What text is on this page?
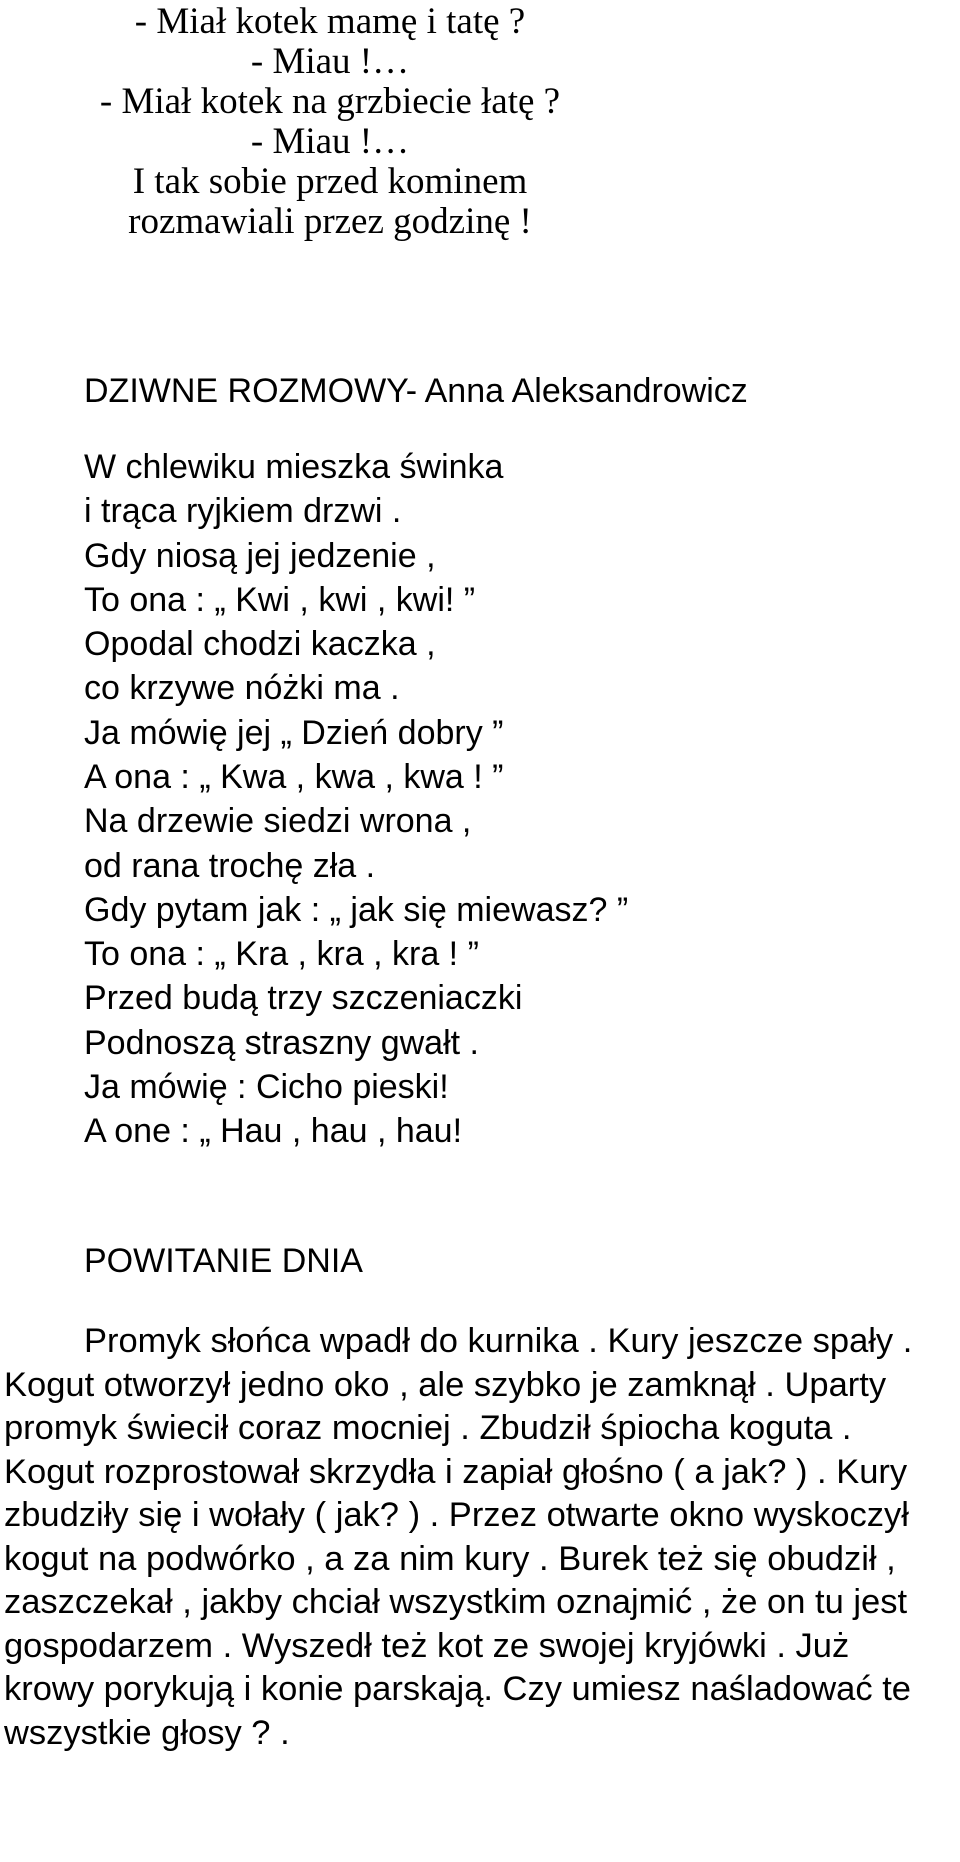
- Miał kotek mamę i tatę ?
- Miau !…
- Miał kotek na grzbiecie łatę ?
- Miau !…
I tak sobie przed kominem
rozmawiali przez godzinę !
DZIWNE ROZMOWY- Anna Aleksandrowicz
W chlewiku mieszka świnka
i trąca ryjkiem drzwi .
Gdy niosą jej jedzenie ,
To ona : „ Kwi , kwi , kwi! ”
Opodal chodzi kaczka ,
co krzywe nóżki ma .
Ja mówię jej „ Dzień dobry ”
A ona : „ Kwa , kwa , kwa ! ”
Na drzewie siedzi wrona ,
od rana trochę zła .
Gdy pytam jak : „ jak się miewasz? ”
To ona : „ Kra , kra , kra ! ”
Przed budą trzy szczeniaczki
Podnoszą straszny gwałt .
Ja mówię : Cicho pieski!
A one : „ Hau , hau , hau!
POWITANIE DNIA
Promyk słońca wpadł do kurnika . Kury jeszcze spały .
Kogut otworzył jedno oko , ale szybko je zamknął . Uparty
promyk świecił coraz mocniej . Zbudził śpiocha koguta .
Kogut rozprostował skrzydła i zapiał głośno ( a jak? ) . Kury
zbudziły się i wołały ( jak? ) . Przez otwarte okno wyskoczył
kogut na podwórko , a za nim kury . Burek też się obudził ,
zaszczekał , jakby chciał wszystkim oznajmić , że on tu jest
gospodarzem . Wyszedł też kot ze swojej kryjówki . Już
krowy porykują i konie parskają. Czy umiesz naśladować te
wszystkie głosy ? .
